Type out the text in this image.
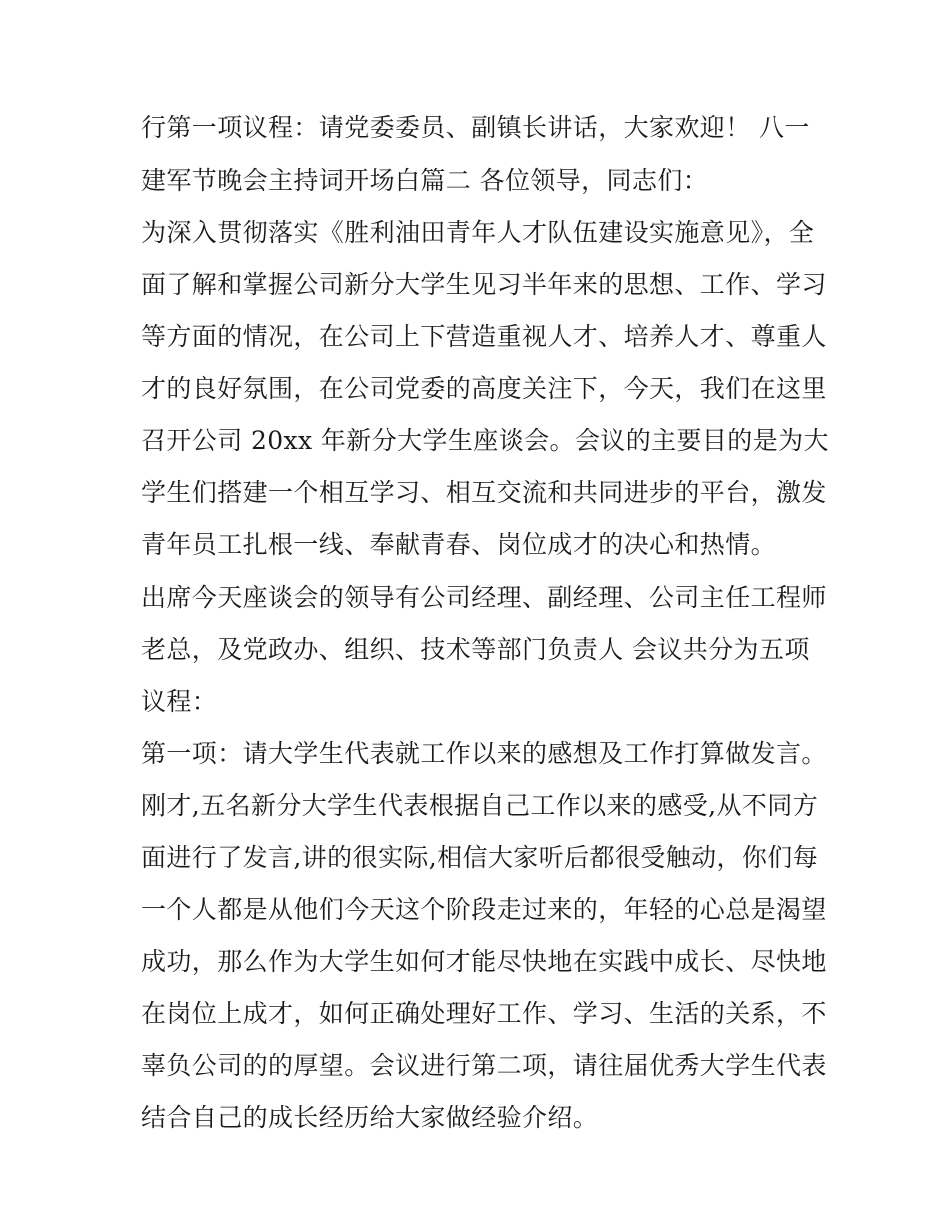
行第一项议程：请党委委员、副镇长讲话，大家欢迎！ 八一
建军节晚会主持词开场白篇二 各位领导，同志们：
为深入贯彻落实《胜利油田青年人才队伍建设实施意见》，全
面了解和掌握公司新分大学生见习半年来的思想、工作、学习
等方面的情况，在公司上下营造重视人才、培养人才、尊重人
才的良好氛围，在公司党委的高度关注下，今天，我们在这里
召开公司 20xx 年新分大学生座谈会。会议的主要目的是为大
学生们搭建一个相互学习、相互交流和共同进步的平台，激发
青年员工扎根一线、奉献青春、岗位成才的决心和热情。
出席今天座谈会的领导有公司经理、副经理、公司主任工程师
老总，及党政办、组织、技术等部门负责人 会议共分为五项
议程：
第一项：请大学生代表就工作以来的感想及工作打算做发言。
刚才,五名新分大学生代表根据自己工作以来的感受,从不同方
面进行了发言,讲的很实际,相信大家听后都很受触动，你们每
一个人都是从他们今天这个阶段走过来的，年轻的心总是渴望
成功，那么作为大学生如何才能尽快地在实践中成长、尽快地
在岗位上成才，如何正确处理好工作、学习、生活的关系，不
辜负公司的的厚望。会议进行第二项，请往届优秀大学生代表
结合自己的成长经历给大家做经验介绍。
